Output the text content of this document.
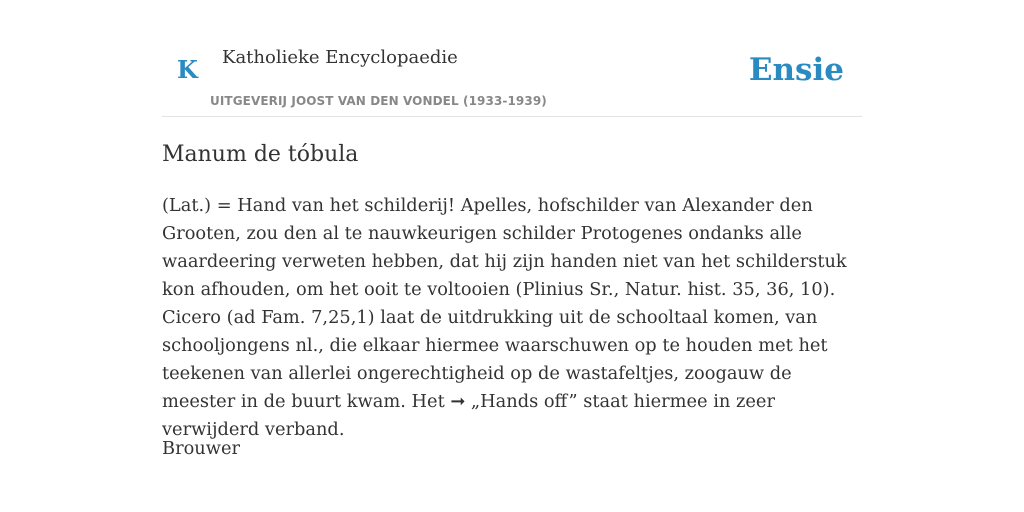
K Katholieke Encyclopaedie
UITGEVERIJ JOOST VAN DEN VONDEL (1933-1939)
Ensie
Manum de tóbula

(Lat.) = Hand van het schilderij! Apelles, hofschilder van Alexander den Grooten, zou den al te nauwkeurigen schilder Protogenes ondanks alle waardeering verweten hebben, dat hij zijn handen niet van het schilderstuk kon afhouden, om het ooit te voltooien (Plinius Sr., Natur. hist. 35, 36, 10). Cicero (ad Fam. 7,25,1) laat de uitdrukking uit de schooltaal komen, van schooljongens nl., die elkaar hiermee waarschuwen op te houden met het teekenen van allerlei ongerechtigheid op de wastafeltjes, zoogauw de meester in de buurt kwam. Het ➞ „Hands off” staat hiermee in zeer verwijderd verband.

Brouwer
